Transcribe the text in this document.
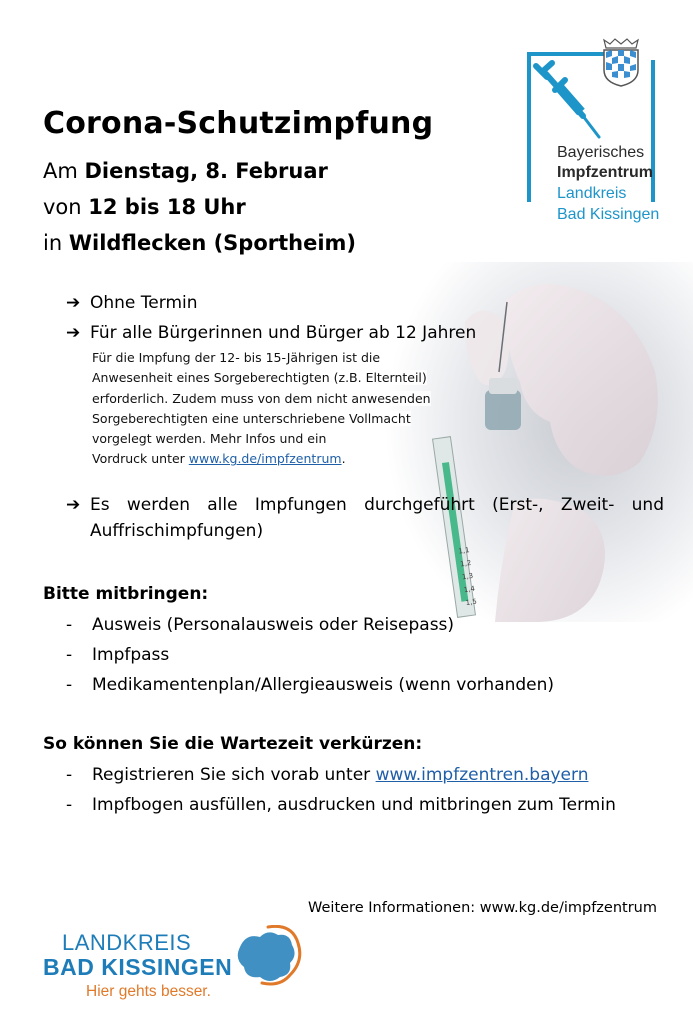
Bayerisches
Impfzentrum
Landkreis
Bad Kissingen
1,1
1,2
1,3
1,4
1,5
Corona-Schutzimpfung
Am Dienstag, 8. Februar
von 12 bis 18 Uhr
in Wildflecken (Sportheim)
➔ Ohne Termin
➔ Für alle Bürgerinnen und Bürger ab 12 Jahren
Für die Impfung der 12- bis 15-Jährigen ist die
Anwesenheit eines Sorgeberechtigten (z.B. Elternteil)
erforderlich. Zudem muss von dem nicht anwesenden
Sorgeberechtigten eine unterschriebene Vollmacht
vorgelegt werden. Mehr Infos und ein
Vordruck unter www.kg.de/impfzentrum.
➔ Es werden alle Impfungen durchgeführt (Erst-, Zweit- und Auffrischimpfungen)
Bitte mitbringen:
-	Ausweis (Personalausweis oder Reisepass)
-	Impfpass
-	Medikamentenplan/Allergieausweis (wenn vorhanden)
So können Sie die Wartezeit verkürzen:
-	Registrieren Sie sich vorab unter www.impfzentren.bayern
-	Impfbogen ausfüllen, ausdrucken und mitbringen zum Termin
Weitere Informationen: www.kg.de/impfzentrum
LANDKREIS
BAD KISSINGEN
Hier gehts besser.
